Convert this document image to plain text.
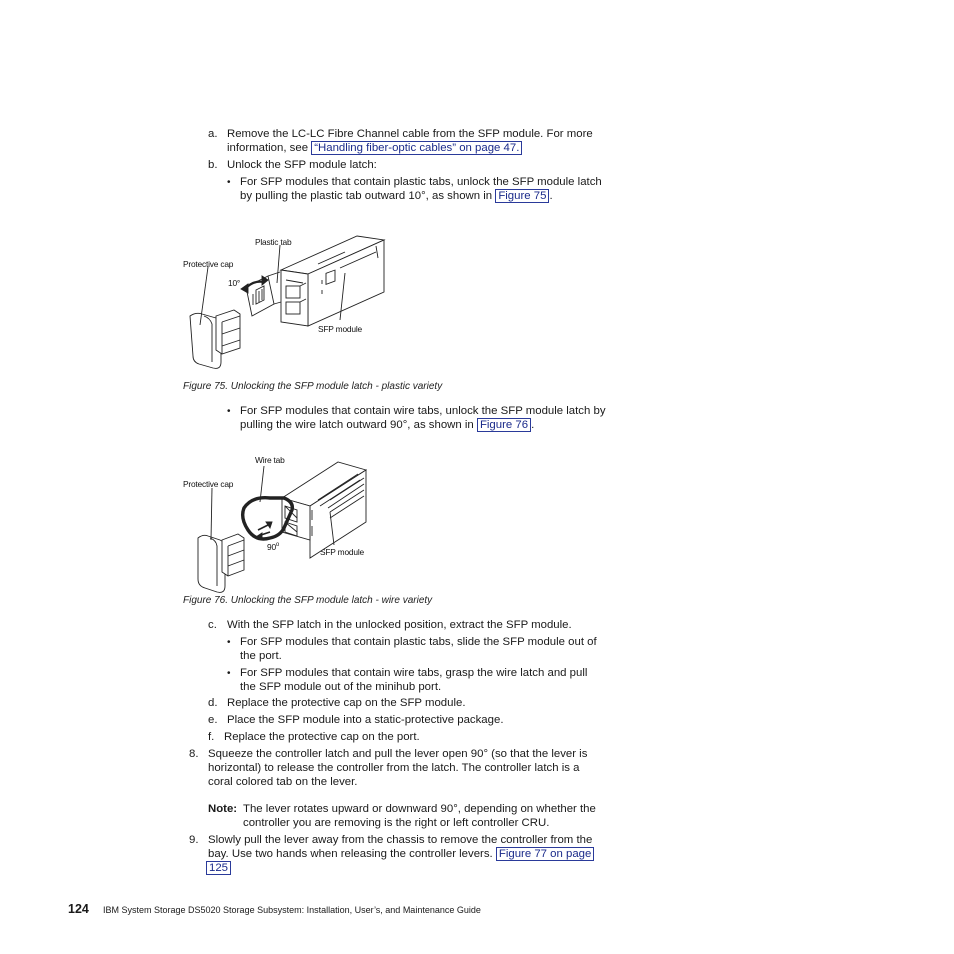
a. Remove the LC-LC Fibre Channel cable from the SFP module. For more
information, see “Handling fiber-optic cables” on page 47.
b. Unlock the SFP module latch:
• For SFP modules that contain plastic tabs, unlock the SFP module latch
by pulling the plastic tab outward 10°, as shown in Figure 75 .
Plastic tab
Protective cap
10°
SFP module
Figure 75. Unlocking the SFP module latch - plastic variety
• For SFP modules that contain wire tabs, unlock the SFP module latch by
pulling the wire latch outward 90°, as shown in Figure 76 .
Wire tab
Protective cap
90$^o$
SFP module
Figure 76. Unlocking the SFP module latch - wire variety
c. With the SFP latch in the unlocked position, extract the SFP module.
• For SFP modules that contain plastic tabs, slide the SFP module out of
the port.
• For SFP modules that contain wire tabs, grasp the wire latch and pull
the SFP module out of the minihub port.
d. Replace the protective cap on the SFP module.
e. Place the SFP module into a static-protective package.
f. Replace the protective cap on the port.
8. Squeeze the controller latch and pull the lever open 90° (so that the lever is
horizontal) to release the controller from the latch. The controller latch is a
coral colored tab on the lever.
Note: The lever rotates upward or downward 90°, depending on whether the
controller you are removing is the right or left controller CRU.
9. Slowly pull the lever away from the chassis to remove the controller from the
bay. Use two hands when releasing the controller levers. Figure 77 on page
125
124 IBM System Storage DS5020 Storage Subsystem: Installation, User’s, and Maintenance Guide
